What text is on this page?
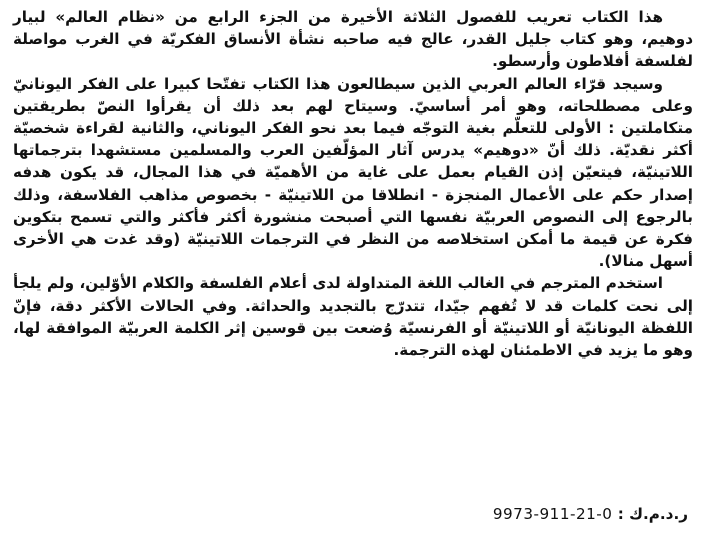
هذا الكتاب تعريب للفصول الثلاثة الأخيرة من الجزء الرابع من «نظام العالم» لبيار دوهيم، وهو كتاب جليل القدر، عالج فيه صاحبه نشأة الأنساق الفكريّة في الغرب مواصلة لفلسفة أفلاطون وأرسطو.

وسيجد قرّاء العالم العربي الذين سيطالعون هذا الكتاب تفتّحا كبيرا على الفكر اليونانيّ وعلى مصطلحاته، وهو أمر أساسيّ. وسيتاح لهم بعد ذلك أن يقرأوا النصّ بطريقتين متكاملتين : الأولى للتعلّم بغية التوجّه فيما بعد نحو الفكر اليوناني، والثانية لقراءة شخصيّة أكثر نقديّة. ذلك أنّ «دوهيم» يدرس آثار المؤلّفين العرب والمسلمين مستشهدا بترجماتها اللاتينيّة، فيتعيّن إذن القيام بعمل على غاية من الأهميّة في هذا المجال، قد يكون هدفه إصدار حكم على الأعمال المنجزة - انطلاقا من اللاتينيّة - بخصوص مذاهب الفلاسفة، وذلك بالرجوع إلى النصوص العربيّة نفسها التي أصبحت منشورة أكثر فأكثر والتي تسمح بتكوين فكرة عن قيمة ما أمكن استخلاصه من النظر في الترجمات اللاتينيّة (وقد غدت هي الأخرى أسهل منالا).

استخدم المترجم في الغالب اللغة المتداولة لدى أعلام الفلسفة والكلام الأوّلين، ولم يلجأ إلى نحت كلمات قد لا تُفهم جيّدا، تتدرّج بالتجديد والحداثة. وفي الحالات الأكثر دقة، فإنّ اللفظة اليونانيّة أو اللاتينيّة أو الفرنسيّة وُضعت بين قوسين إثر الكلمة العربيّة الموافقة لها، وهو ما يزيد في الاطمئنان لهذه الترجمة.

ر.د.م.ك : 9973-911-21-0
